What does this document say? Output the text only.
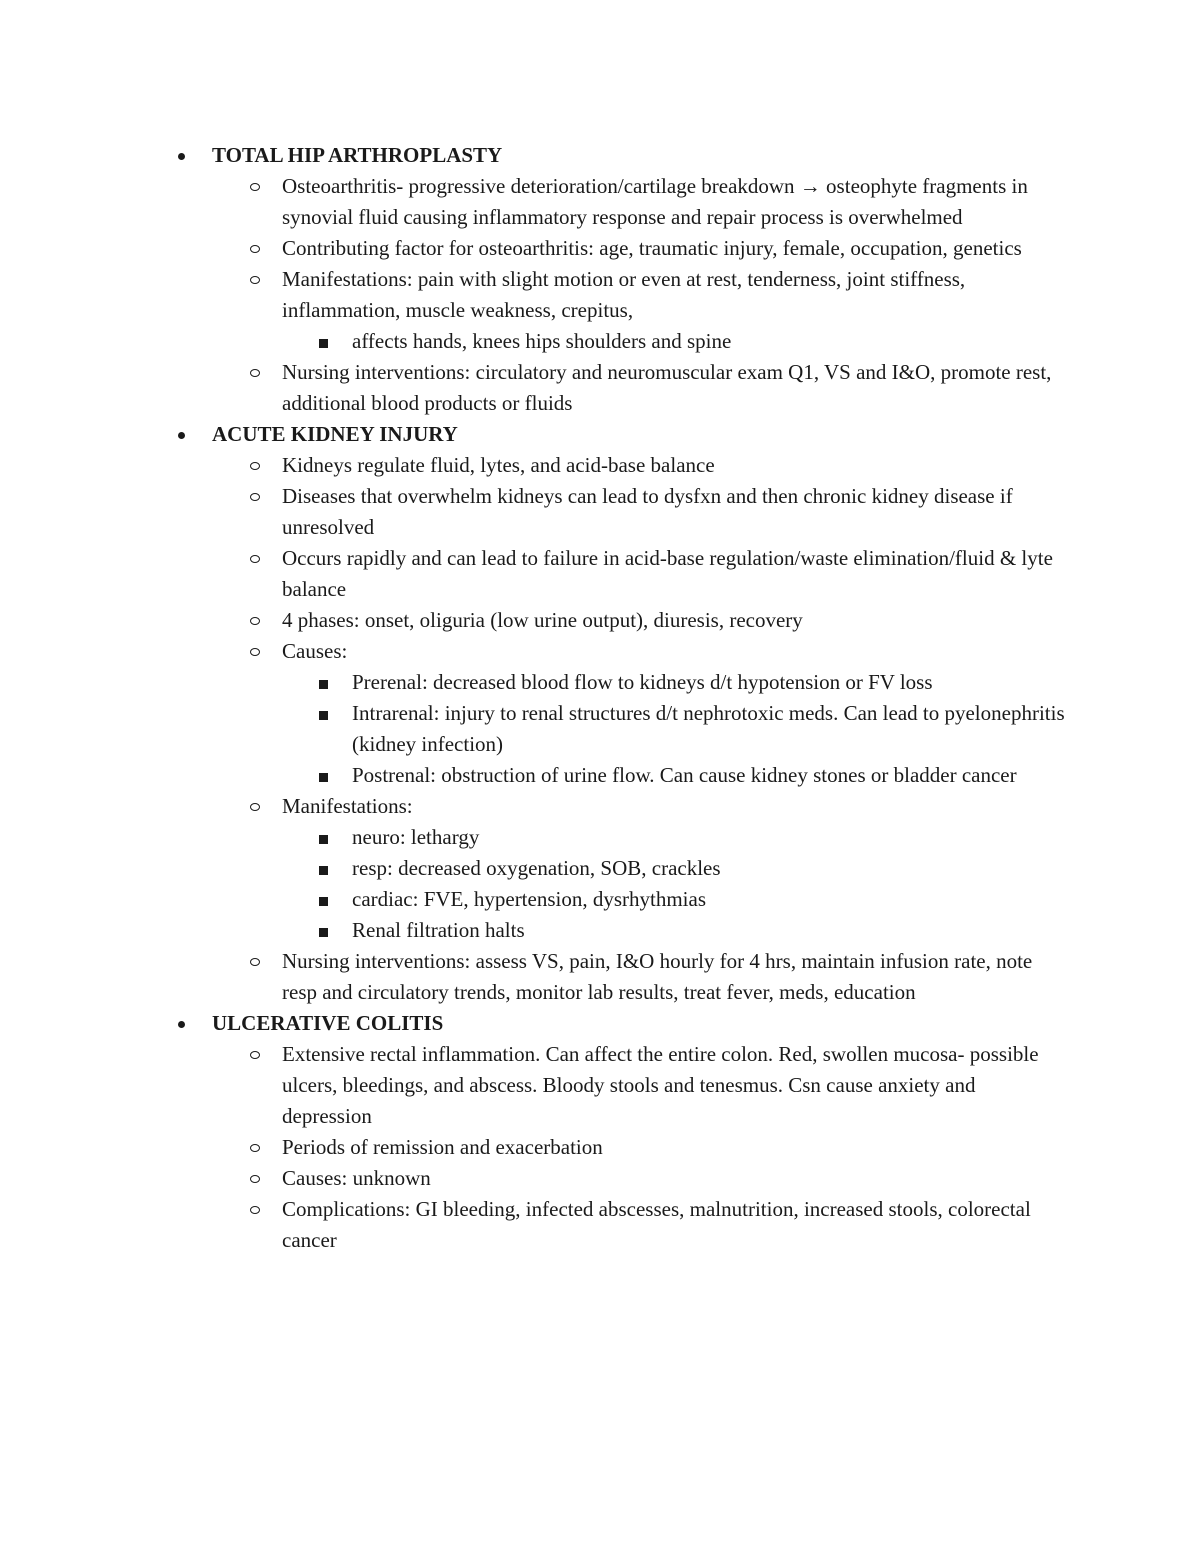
TOTAL HIP ARTHROPLASTY
Osteoarthritis- progressive deterioration/cartilage breakdown → osteophyte fragments in synovial fluid causing inflammatory response and repair process is overwhelmed
Contributing factor for osteoarthritis: age, traumatic injury, female, occupation, genetics
Manifestations: pain with slight motion or even at rest, tenderness, joint stiffness, inflammation, muscle weakness, crepitus,
affects hands, knees hips shoulders and spine
Nursing interventions: circulatory and neuromuscular exam Q1, VS and I&O, promote rest, additional blood products or fluids
ACUTE KIDNEY INJURY
Kidneys regulate fluid, lytes, and acid-base balance
Diseases that overwhelm kidneys can lead to dysfxn and then chronic kidney disease if unresolved
Occurs rapidly and can lead to failure in acid-base regulation/waste elimination/fluid & lyte balance
4 phases: onset, oliguria (low urine output), diuresis, recovery
Causes:
Prerenal: decreased blood flow to kidneys d/t hypotension or FV loss
Intrarenal: injury to renal structures d/t nephrotoxic meds. Can lead to pyelonephritis (kidney infection)
Postrenal: obstruction of urine flow. Can cause kidney stones or bladder cancer
Manifestations:
neuro: lethargy
resp: decreased oxygenation, SOB, crackles
cardiac: FVE, hypertension, dysrhythmias
Renal filtration halts
Nursing interventions: assess VS, pain, I&O hourly for 4 hrs, maintain infusion rate, note resp and circulatory trends, monitor lab results, treat fever, meds, education
ULCERATIVE COLITIS
Extensive rectal inflammation. Can affect the entire colon. Red, swollen mucosa- possible ulcers, bleedings, and abscess. Bloody stools and tenesmus. Csn cause anxiety and depression
Periods of remission and exacerbation
Causes: unknown
Complications: GI bleeding, infected abscesses, malnutrition, increased stools, colorectal cancer
